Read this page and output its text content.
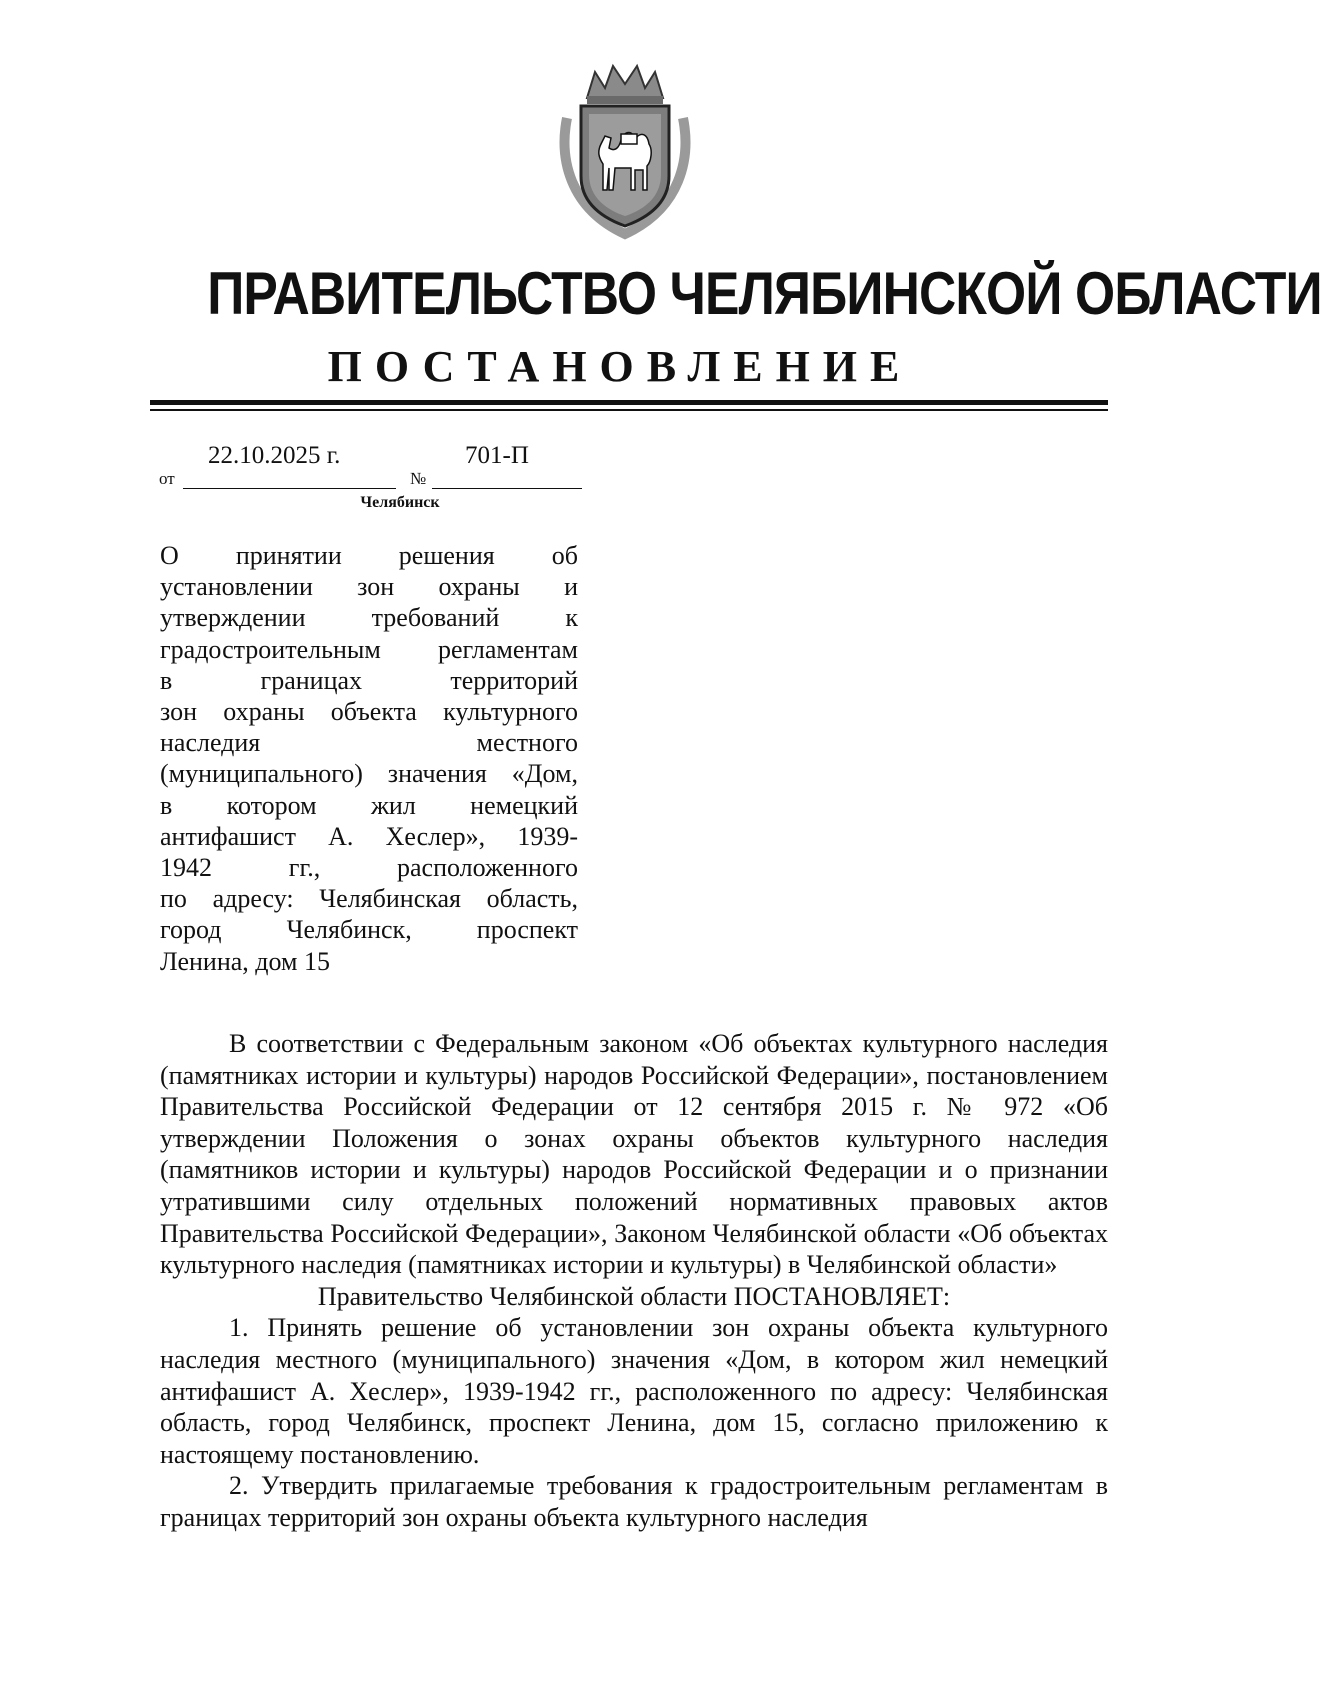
ПРАВИТЕЛЬСТВО ЧЕЛЯБИНСКОЙ ОБЛАСТИ
ПОСТАНОВЛЕНИЕ
22.10.2025 г.	701-П
от	№
Челябинск
О принятии решения об
установлении зон охраны и
утверждении требований к
градостроительным регламентам
в границах территорий
зон охраны объекта культурного
наследия местного
(муниципального) значения «Дом,
в котором жил немецкий
антифашист А. Хеслер», 1939-
1942 гг., расположенного
по адресу: Челябинская область,
город Челябинск, проспект
Ленина, дом 15

В соответствии с Федеральным законом «Об объектах культурного наследия (памятниках истории и культуры) народов Российской Федерации», постановлением Правительства Российской Федерации от 12 сентября 2015 г. № 972 «Об утверждении Положения о зонах охраны объектов культурного наследия (памятников истории и культуры) народов Российской Федерации и о признании утратившими силу отдельных положений нормативных правовых актов Правительства Российской Федерации», Законом Челябинской области «Об объектах культурного наследия (памятниках истории и культуры) в Челябинской области»

Правительство Челябинской области ПОСТАНОВЛЯЕТ:

1. Принять решение об установлении зон охраны объекта культурного наследия местного (муниципального) значения «Дом, в котором жил немецкий антифашист А. Хеслер», 1939-1942 гг., расположенного по адресу: Челябинская область, город Челябинск, проспект Ленина, дом 15, согласно приложению к настоящему постановлению.

2. Утвердить прилагаемые требования к градостроительным регламентам в границах территорий зон охраны объекта культурного наследия
